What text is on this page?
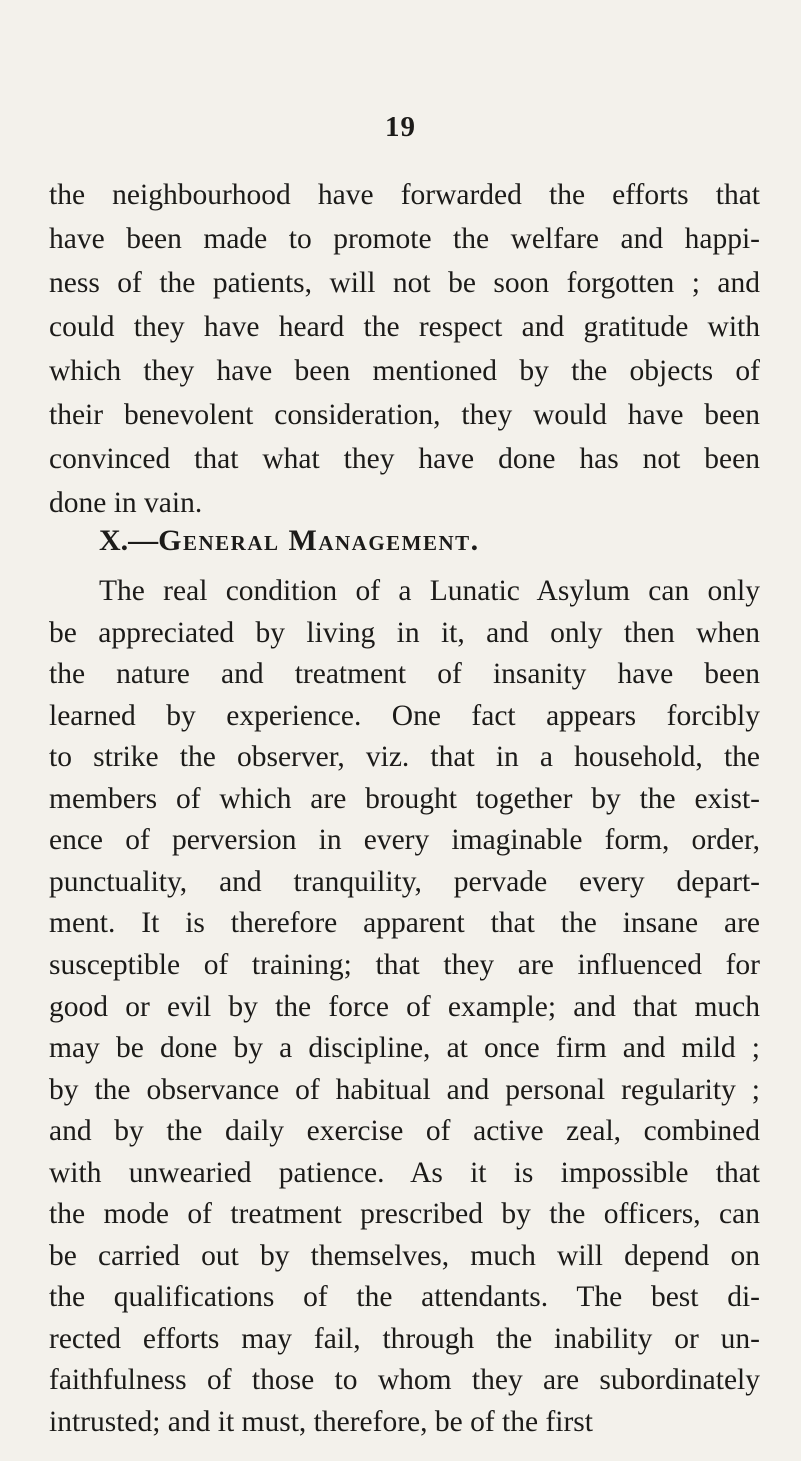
19
the neighbourhood have forwarded the efforts that
have been made to promote the welfare and happi-
ness of the patients, will not be soon forgotten ; and
could they have heard the respect and gratitude with
which they have been mentioned by the objects of
their benevolent consideration, they would have been
convinced that what they have done has not been
done in vain.
X.—General Management.
The real condition of a Lunatic Asylum can only
be appreciated by living in it, and only then when
the nature and treatment of insanity have been
learned by experience. One fact appears forcibly
to strike the observer, viz. that in a household, the
members of which are brought together by the exist-
ence of perversion in every imaginable form, order,
punctuality, and tranquility, pervade every depart-
ment. It is therefore apparent that the insane are
susceptible of training; that they are influenced for
good or evil by the force of example; and that much
may be done by a discipline, at once firm and mild ;
by the observance of habitual and personal regularity ;
and by the daily exercise of active zeal, combined
with unwearied patience. As it is impossible that
the mode of treatment prescribed by the officers, can
be carried out by themselves, much will depend on
the qualifications of the attendants. The best di-
rected efforts may fail, through the inability or un-
faithfulness of those to whom they are subordinately
intrusted; and it must, therefore, be of the first
